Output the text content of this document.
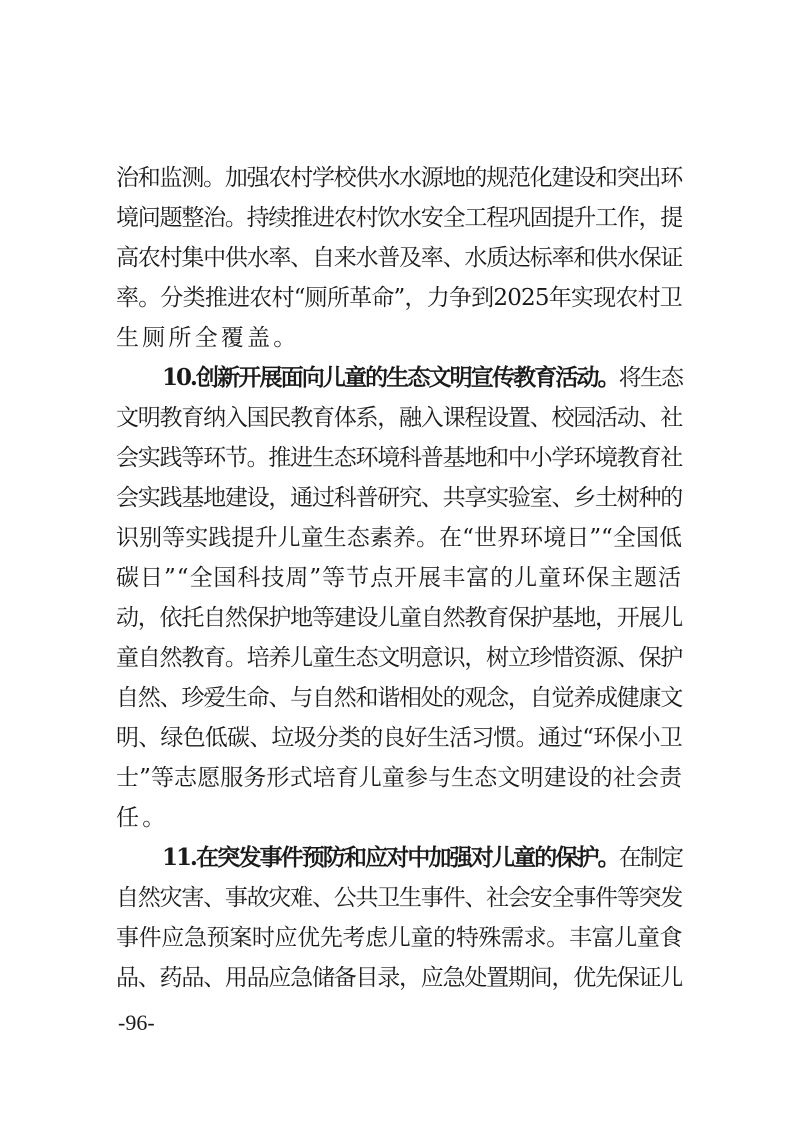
治和监测。加强农村学校供水水源地的规范化建设和突出环
境问题整治。持续推进农村饮水安全工程巩固提升工作，提
高农村集中供水率、自来水普及率、水质达标率和供水保证
率。分类推进农村“厕所革命”，力争到2025年实现农村卫
生厕所全覆盖。
10.创新开展面向儿童的生态文明宣传教育活动。将生态
文明教育纳入国民教育体系，融入课程设置、校园活动、社
会实践等环节。推进生态环境科普基地和中小学环境教育社
会实践基地建设，通过科普研究、共享实验室、乡土树种的
识别等实践提升儿童生态素养。在“世界环境日”“全国低
碳日”“全国科技周”等节点开展丰富的儿童环保主题活
动，依托自然保护地等建设儿童自然教育保护基地，开展儿
童自然教育。培养儿童生态文明意识，树立珍惜资源、保护
自然、珍爱生命、与自然和谐相处的观念，自觉养成健康文
明、绿色低碳、垃圾分类的良好生活习惯。通过“环保小卫
士”等志愿服务形式培育儿童参与生态文明建设的社会责
任。
11.在突发事件预防和应对中加强对儿童的保护。在制定
自然灾害、事故灾难、公共卫生事件、社会安全事件等突发
事件应急预案时应优先考虑儿童的特殊需求。丰富儿童食
品、药品、用品应急储备目录，应急处置期间，优先保证儿
-96-
